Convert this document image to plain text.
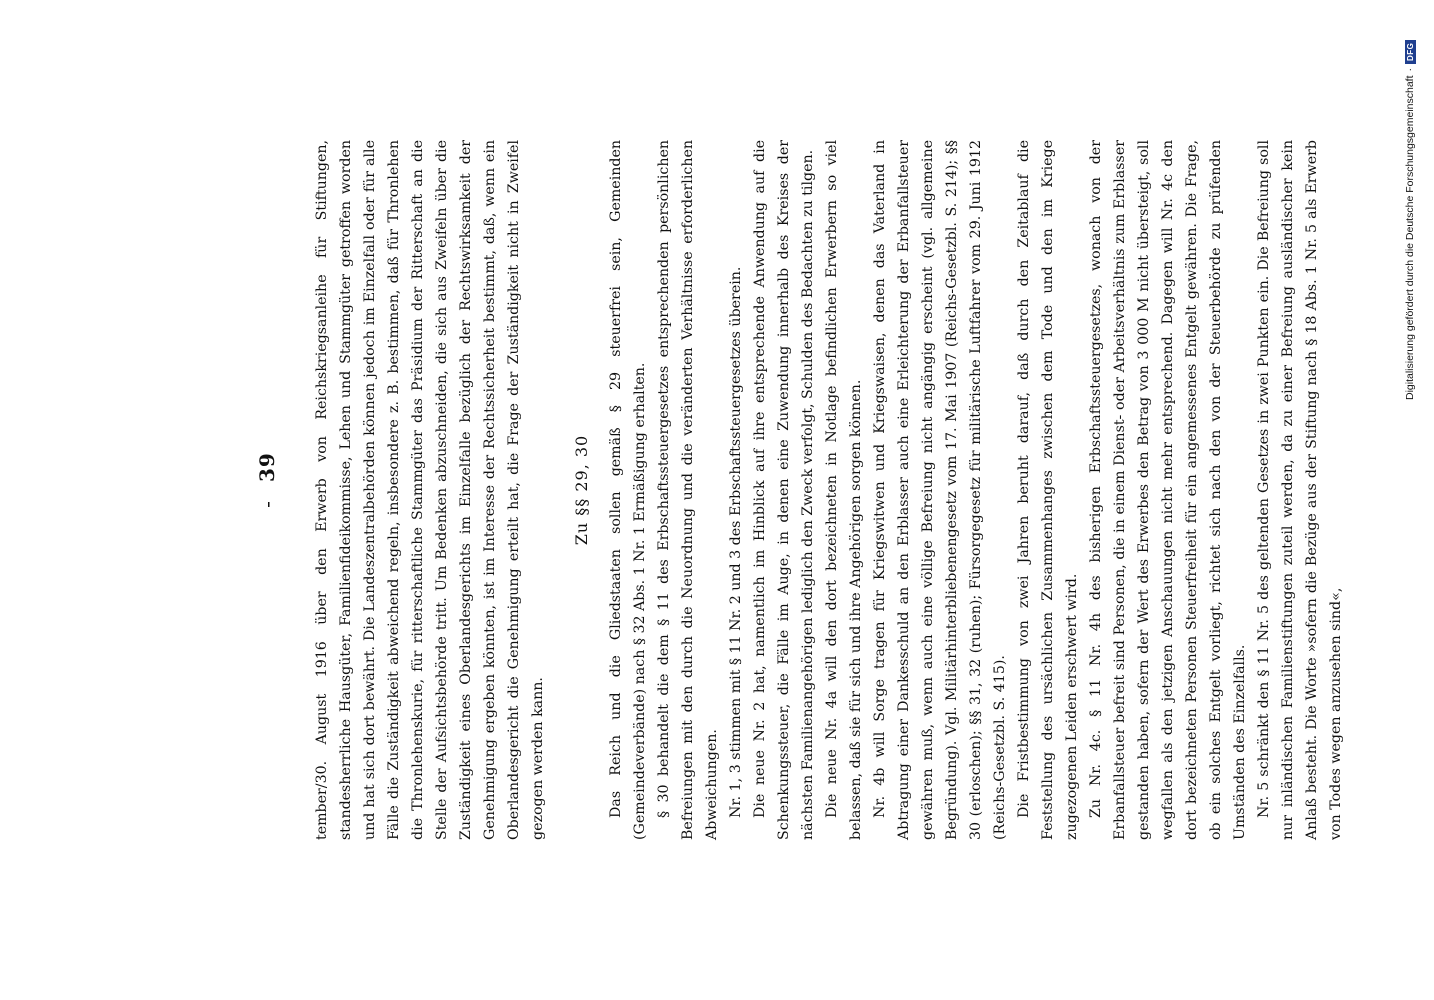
-39 tember/30. August 1916 über den Erwerb von Reichskriegsanleihe für Stiftungen, standesherrliche Hausgüter, Familienfideikommisse, Lehen und Stammgüter getroffen worden und hat sich dort bewährt. Die Landeszentralbehörden können jedoch im Einzelfall oder für alle Fälle die Zuständigkeit abweichend regeln, insbesondere z. B. bestimmen, daß für Thronlehen die Thronlehenskurie, für ritterschaftliche Stammgüter das Präsidium der Ritterschaft an die Stelle der Aufsichtsbehörde tritt. Um Bedenken abzuschneiden, die sich aus Zweifeln über die Zuständigkeit eines Oberlandesgerichts im Einzelfalle bezüglich der Rechtswirksamkeit der Genehmigung ergeben könnten, ist im Interesse der Rechtssicherheit bestimmt, daß, wenn ein Oberlandesgericht die Genehmigung erteilt hat, die Frage der Zuständigkeit nicht in Zweifel gezogen werden kann.

Zu §§ 29, 30 Das Reich und die Gliedstaaten sollen gemäß § 29 steuerfrei sein, Gemeinden (Gemeindeverbände) nach § 32 Abs. 1 Nr. 1 Ermäßigung erhalten. § 30 behandelt die dem § 11 des Erbschaftssteuergesetzes entsprechenden persönlichen Befreiungen mit den durch die Neuordnung und die veränderten Verhältnisse erforderlichen Abweichungen. Nr. 1, 3 stimmen mit § 11 Nr. 2 und 3 des Erbschaftssteuergesetzes überein. Die neue Nr. 2 hat, namentlich im Hinblick auf ihre entsprechende Anwendung auf die Schenkungssteuer, die Fälle im Auge, in denen eine Zuwendung innerhalb des Kreises der nächsten Familienangehörigen lediglich den Zweck verfolgt, Schulden des Bedachten zu tilgen. Die neue Nr. 4a will den dort bezeichneten in Notlage befindlichen Erwerbern so viel belassen, daß sie für sich und ihre Angehörigen sorgen können. Nr. 4b will Sorge tragen für Kriegswitwen und Kriegswaisen, denen das Vaterland in Abtragung einer Dankesschuld an den Erblasser auch eine Erleichterung der Erbanfallsteuer gewähren muß, wenn auch eine völlige Befreiung nicht angängig erscheint (vgl. allgemeine Begründung). Vgl. Militärhinterbliebenengesetz vom 17. Mai 1907 (Reichs-Gesetzbl. S. 214); §§ 30 (erloschen); §§ 31, 32 (ruhen); Fürsorgegesetz für militärische Luftfahrer vom 29. Juni 1912 (Reichs-Gesetzbl. S. 415). Die Fristbestimmung von zwei Jahren beruht darauf, daß durch den Zeitablauf die Feststellung des ursächlichen Zusammenhanges zwischen dem Tode und den im Kriege zugezogenen Leiden erschwert wird. Zu Nr. 4c. § 11 Nr. 4h des bisherigen Erbschaftssteuergesetzes, wonach von der Erbanfallsteuer befreit sind Personen, die in einem Dienst- oder Arbeitsverhältnis zum Erblasser gestanden haben, sofern der Wert des Erwerbes den Betrag von 3 000 M nicht übersteigt, soll wegfallen als den jetzigen Anschauungen nicht mehr entsprechend. Dagegen will Nr. 4c den dort bezeichneten Personen Steuerfreiheit für ein angemessenes Entgelt gewähren. Die Frage, ob ein solches Entgelt vorliegt, richtet sich nach den von der Steuerbehörde zu prüfenden Umständen des Einzelfalls. Nr. 5 schränkt den § 11 Nr. 5 des geltenden Gesetzes in zwei Punkten ein. Die Befreiung soll nur inländischen Familienstiftungen zuteil werden, da zu einer Befreiung ausländischer kein Anlaß besteht. Die Worte »sofern die Bezüge aus der Stiftung nach § 18 Abs. 1 Nr. 5 als Erwerb von Todes wegen anzusehen sind«,

Digitalisierung gefördert durch die Deutsche Forschungsgemeinschaft
·
DFG
